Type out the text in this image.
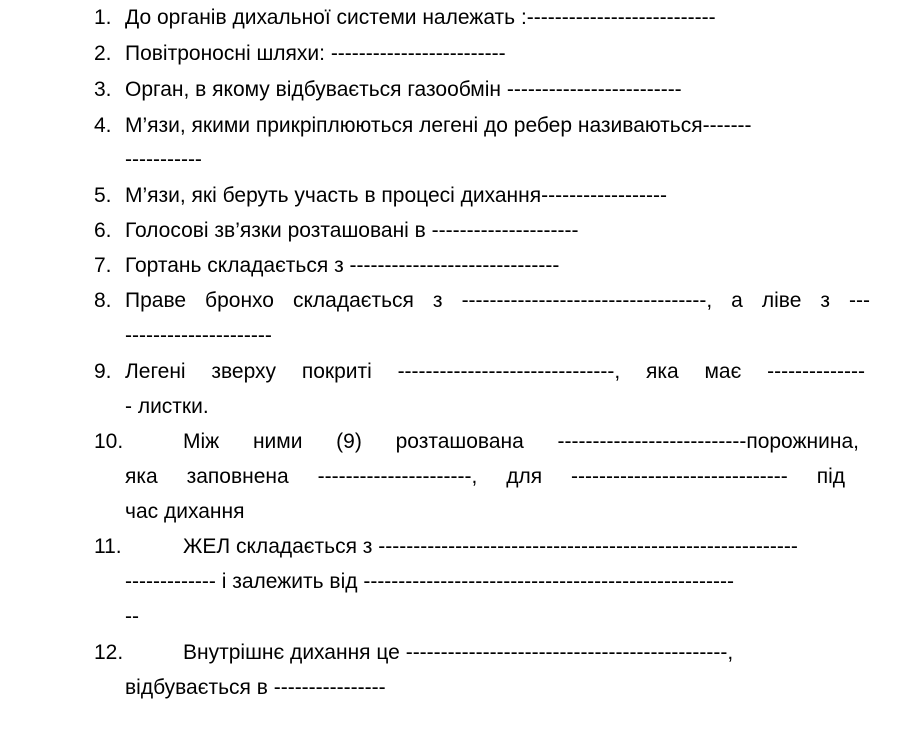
1. До органів дихальної системи належать :---------------------------
2. Повітроносні шляхи: -------------------------
3. Орган, в якому відбувається газообмін -------------------------
4. М’язи, якими прикріплюються легені до ребер називаються-------
-----------
5. М’язи, які беруть участь в процесі дихання------------------
6. Голосові зв’язки розташовані в ---------------------
7. Гортань складається з ------------------------------
8. Праве бронхо складається з -----------------------------------, а ліве з ---
---------------------
9. Легені зверху покриті -------------------------------, яка має --------------
- листки.
10.	Між ними (9) розташована ---------------------------порожнина,
яка заповнена ----------------------, для ------------------------------- під
час дихання
11.	ЖЕЛ складається з ------------------------------------------------------------
------------- і залежить від -----------------------------------------------------
--
12.	Внутрішнє дихання це ----------------------------------------------,
відбувається в ----------------
